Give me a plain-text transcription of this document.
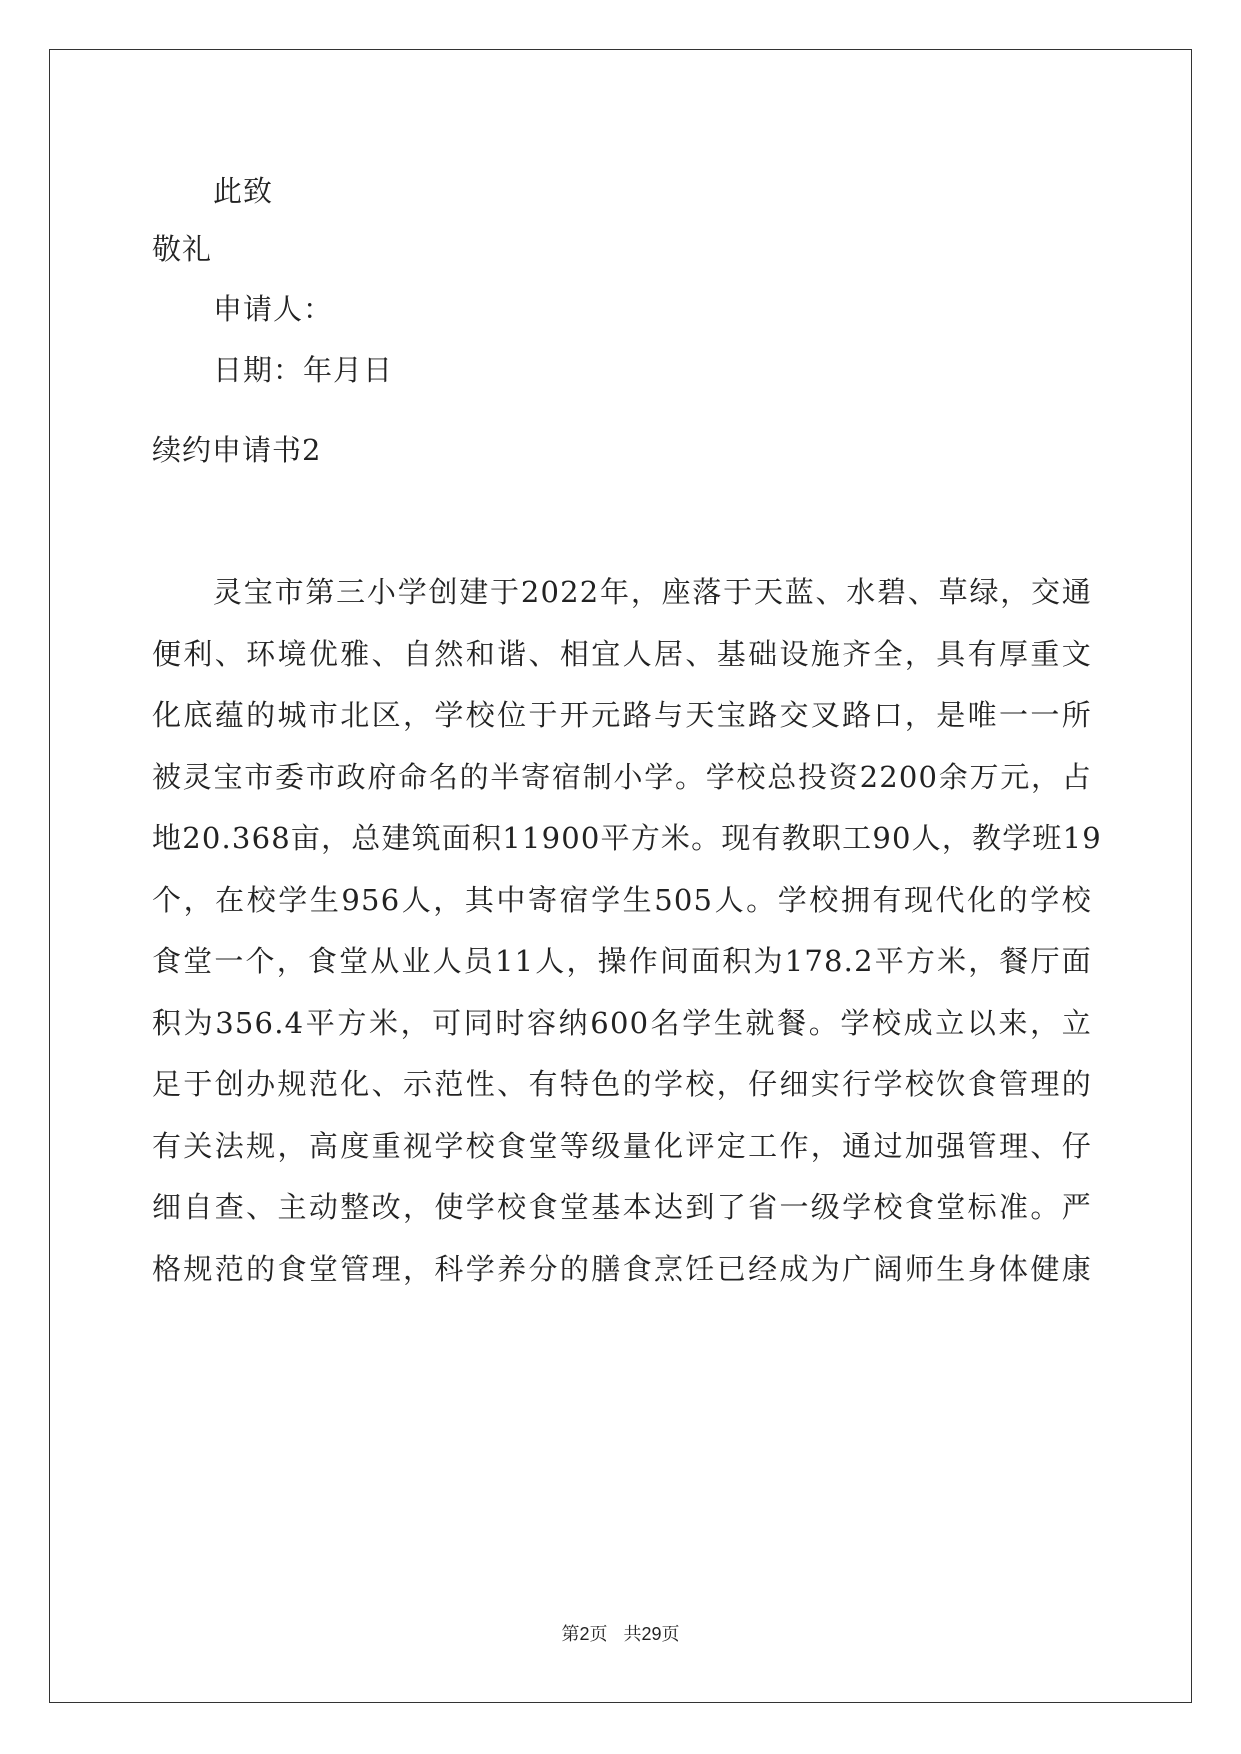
此致
敬礼
申请人：
日期：年月日
续约申请书2
灵宝市第三小学创建于2022年，座落于天蓝、水碧、草绿，交通
便利、环境优雅、自然和谐、相宜人居、基础设施齐全，具有厚重文
化底蕴的城市北区，学校位于开元路与天宝路交叉路口，是唯一一所
被灵宝市委市政府命名的半寄宿制小学。学校总投资2200余万元，占
地20.368亩，总建筑面积11900平方米。现有教职工90人，教学班19
个，在校学生956人，其中寄宿学生505人。学校拥有现代化的学校
食堂一个，食堂从业人员11人，操作间面积为178.2平方米，餐厅面
积为356.4平方米，可同时容纳600名学生就餐。学校成立以来，立
足于创办规范化、示范性、有特色的学校，仔细实行学校饮食管理的
有关法规，高度重视学校食堂等级量化评定工作，通过加强管理、仔
细自查、主动整改，使学校食堂基本达到了省一级学校食堂标准。严
格规范的食堂管理，科学养分的膳食烹饪已经成为广阔师生身体健康
第2页 共29页
